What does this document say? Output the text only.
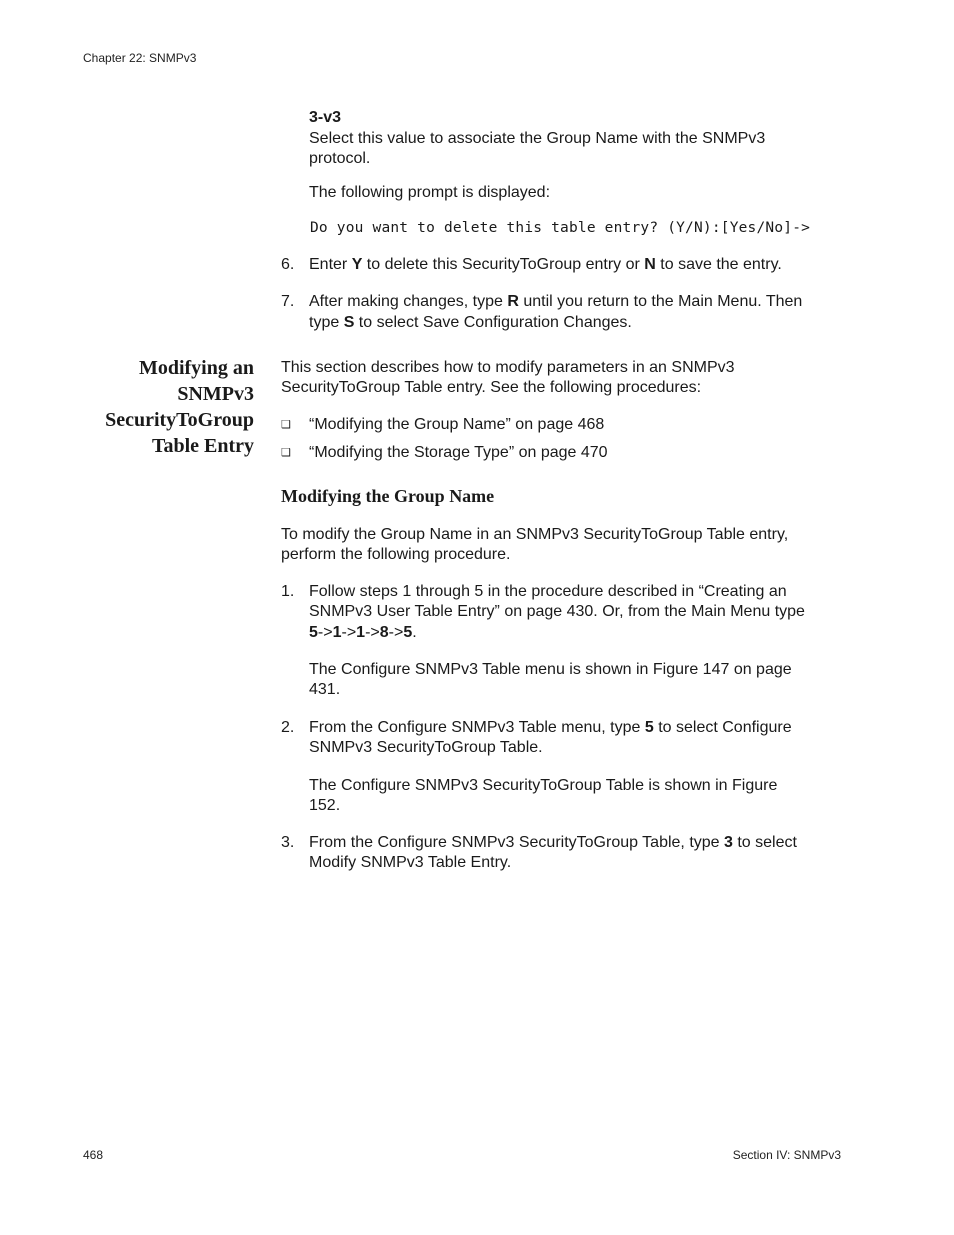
Chapter 22: SNMPv3
3-v3
Select this value to associate the Group Name with the SNMPv3
protocol.
The following prompt is displayed:
Do you want to delete this table entry? (Y/N):[Yes/No]->
6. Enter Y to delete this SecurityToGroup entry or N to save the entry.
7. After making changes, type R until you return to the Main Menu. Then
type S to select Save Configuration Changes.
Modifying an
SNMPv3
SecurityToGroup
Table Entry
This section describes how to modify parameters in an SNMPv3
SecurityToGroup Table entry. See the following procedures:
❑ “Modifying the Group Name” on page 468
❑ “Modifying the Storage Type” on page 470
Modifying the Group Name
To modify the Group Name in an SNMPv3 SecurityToGroup Table entry,
perform the following procedure.
1. Follow steps 1 through 5 in the procedure described in “Creating an
SNMPv3 User Table Entry” on page 430. Or, from the Main Menu type
5->1->1->8->5.
The Configure SNMPv3 Table menu is shown in Figure 147 on page
431.
2. From the Configure SNMPv3 Table menu, type 5 to select Configure
SNMPv3 SecurityToGroup Table.
The Configure SNMPv3 SecurityToGroup Table is shown in Figure
152.
3. From the Configure SNMPv3 SecurityToGroup Table, type 3 to select
Modify SNMPv3 Table Entry.
468	Section IV: SNMPv3
